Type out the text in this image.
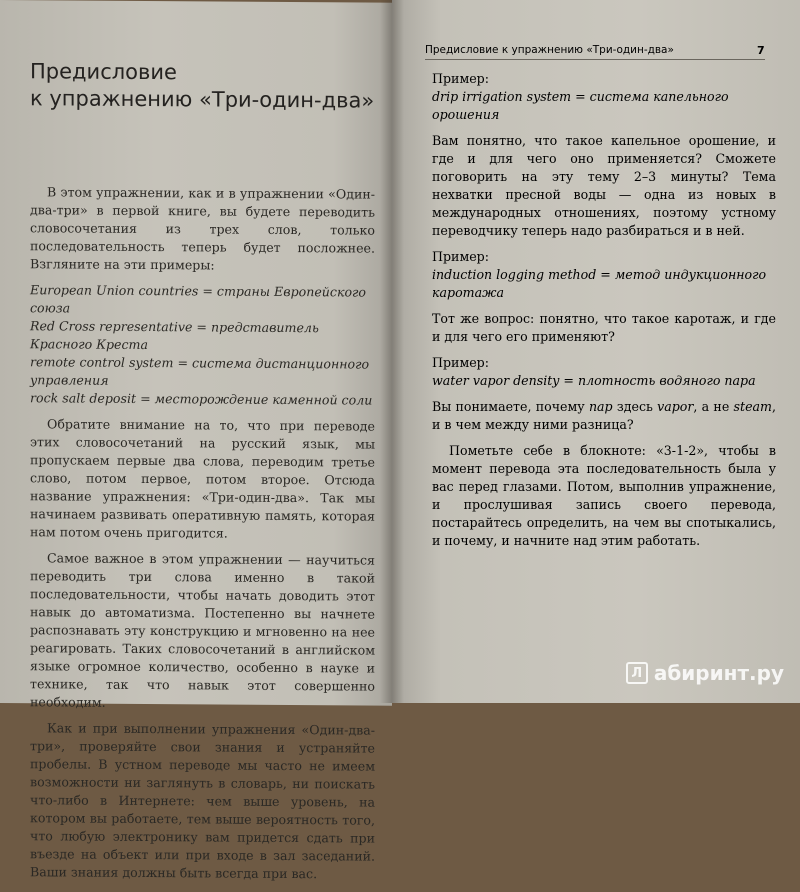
Предисловие
к упражнению «Три-один-два»

В этом упражнении, как и в упражнении «Один-два-три» в первой книге, вы будете переводить словосочетания из трех слов, только последовательность теперь будет посложнее. Взгляните на эти примеры:

European Union countries = страны Европейского союза
Red Cross representative = представитель Красного Креста
remote control system = система дистанционного управления
rock salt deposit = месторождение каменной соли

Обратите внимание на то, что при переводе этих словосочетаний на русский язык, мы пропускаем первые два слова, переводим третье слово, потом первое, потом второе. Отсюда название упражнения: «Три-один-два». Так мы начинаем развивать оперативную память, которая нам потом очень пригодится.

Самое важное в этом упражнении — научиться переводить три слова именно в такой последовательности, чтобы начать доводить этот навык до автоматизма. Постепенно вы начнете распознавать эту конструкцию и мгновенно на нее реагировать. Таких словосочетаний в английском языке огромное количество, особенно в науке и технике, так что навык этот совершенно необходим.

Как и при выполнении упражнения «Один-два-три», проверяйте свои знания и устраняйте пробелы. В устном переводе мы часто не имеем возможности ни заглянуть в словарь, ни поискать что-либо в Интернете: чем выше уровень, на котором вы работаете, тем выше вероятность того, что любую электронику вам придется сдать при въезде на объект или при входе в зал заседаний. Ваши знания должны быть всегда при вас.

Предисловие к упражнению «Три-один-два»	7
Пример:
drip irrigation system = система капельного орошения

Вам понятно, что такое капельное орошение, и где и для чего оно применяется? Сможете поговорить на эту тему 2–3 минуты? Тема нехватки пресной воды — одна из новых в международных отношениях, поэтому устному переводчику теперь надо разбираться и в ней.

Пример:
induction logging method = метод индукционного каротажа

Тот же вопрос: понятно, что такое каротаж, и где и для чего его применяют?

Пример:
water vapor density = плотность водяного пара

Вы понимаете, почему пар здесь vapor, а не steam, и в чем между ними разница?

Пометьте себе в блокноте: «3-1-2», чтобы в момент перевода эта последовательность была у вас перед глазами. Потом, выполнив упражнение, и прослушивая запись своего перевода, постарайтесь определить, на чем вы спотыкались, и почему, и начните над этим работать.

Л абиринт.ру
